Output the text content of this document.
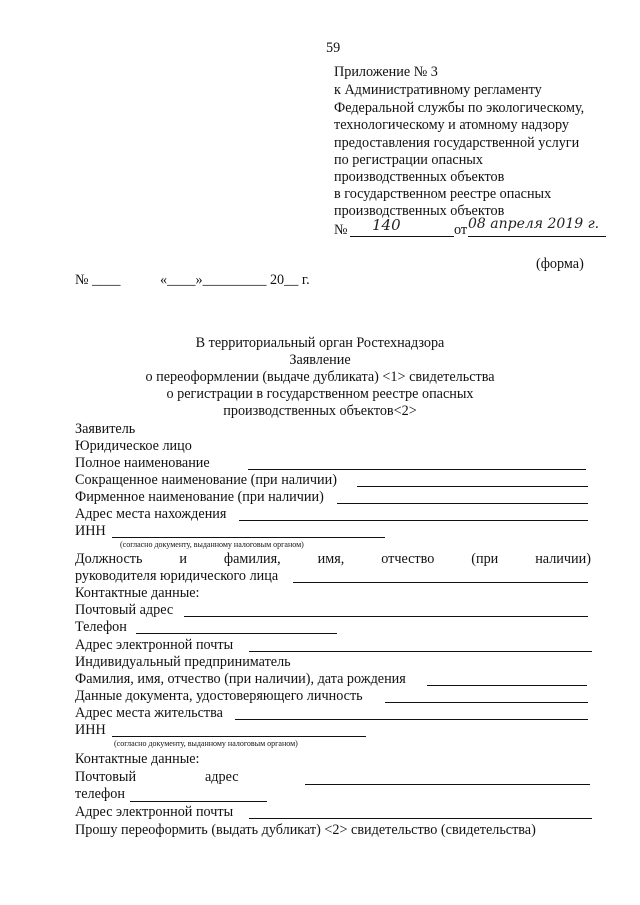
59
Приложение № 3
к Административному регламенту
Федеральной службы по экологическому,
технологическому и атомному надзору
предоставления государственной услуги
по регистрации опасных
производственных объектов
в государственном реестре опасных
производственных объектов
№ 140	от 08 апреля 2019 г.
(форма)
№ ____	«____»_________ 20__ г.
В территориальный орган Ростехнадзора
Заявление
о переоформлении (выдаче дубликата) <1> свидетельства
о регистрации в государственном реестре опасных
производственных объектов<2>
Заявитель
Юридическое лицо
Полное наименование
Сокращенное наименование (при наличии)
Фирменное наименование (при наличии)
Адрес места нахождения
ИНН
(согласно документу, выданному налоговым органом)
Должность	и	фамилия,	имя,	отчество	(при	наличии)
руководителя юридического лица
Контактные данные:
Почтовый адрес
Телефон
Адрес электронной почты
Индивидуальный предприниматель
Фамилия, имя, отчество (при наличии), дата рождения
Данные документа, удостоверяющего личность
Адрес места жительства
ИНН
(согласно документу, выданному налоговым органом)
Контактные данные:
Почтовый	адрес
телефон
Адрес электронной почты
Прошу переоформить (выдать дубликат) <2> свидетельство (свидетельства)
